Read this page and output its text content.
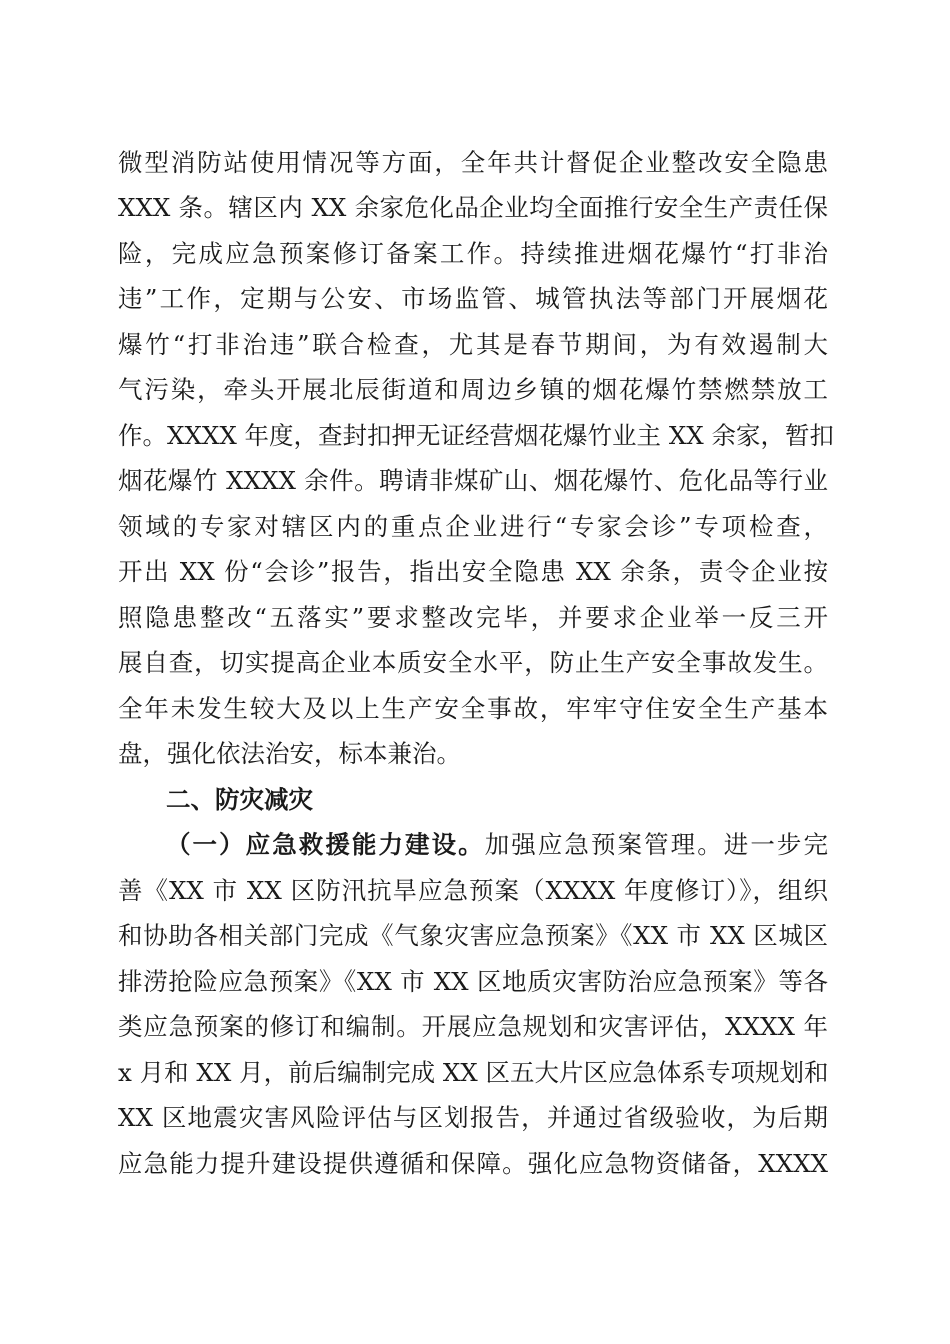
微型消防站使用情况等方面，全年共计督促企业整改安全隐患
XXX 条。辖区内 XX 余家危化品企业均全面推行安全生产责任保
险，完成应急预案修订备案工作。持续推进烟花爆竹“打非治
违”工作，定期与公安、市场监管、城管执法等部门开展烟花
爆竹“打非治违”联合检查，尤其是春节期间，为有效遏制大
气污染，牵头开展北辰街道和周边乡镇的烟花爆竹禁燃禁放工
作。XXXX 年度，查封扣押无证经营烟花爆竹业主 XX 余家，暂扣
烟花爆竹 XXXX 余件。聘请非煤矿山、烟花爆竹、危化品等行业
领域的专家对辖区内的重点企业进行“专家会诊”专项检查，
开出 XX 份“会诊”报告，指出安全隐患 XX 余条，责令企业按
照隐患整改“五落实”要求整改完毕，并要求企业举一反三开
展自查，切实提高企业本质安全水平，防止生产安全事故发生。
全年未发生较大及以上生产安全事故，牢牢守住安全生产基本
盘，强化依法治安，标本兼治。
二、防灾减灾
（一）应急救援能力建设。加强应急预案管理。进一步完
善《XX 市 XX 区防汛抗旱应急预案（XXXX 年度修订）》，组织
和协助各相关部门完成《气象灾害应急预案》《XX 市 XX 区城区
排涝抢险应急预案》《XX 市 XX 区地质灾害防治应急预案》等各
类应急预案的修订和编制。开展应急规划和灾害评估，XXXX 年
x 月和 XX 月，前后编制完成 XX 区五大片区应急体系专项规划和
XX 区地震灾害风险评估与区划报告，并通过省级验收，为后期
应急能力提升建设提供遵循和保障。强化应急物资储备，XXXX
